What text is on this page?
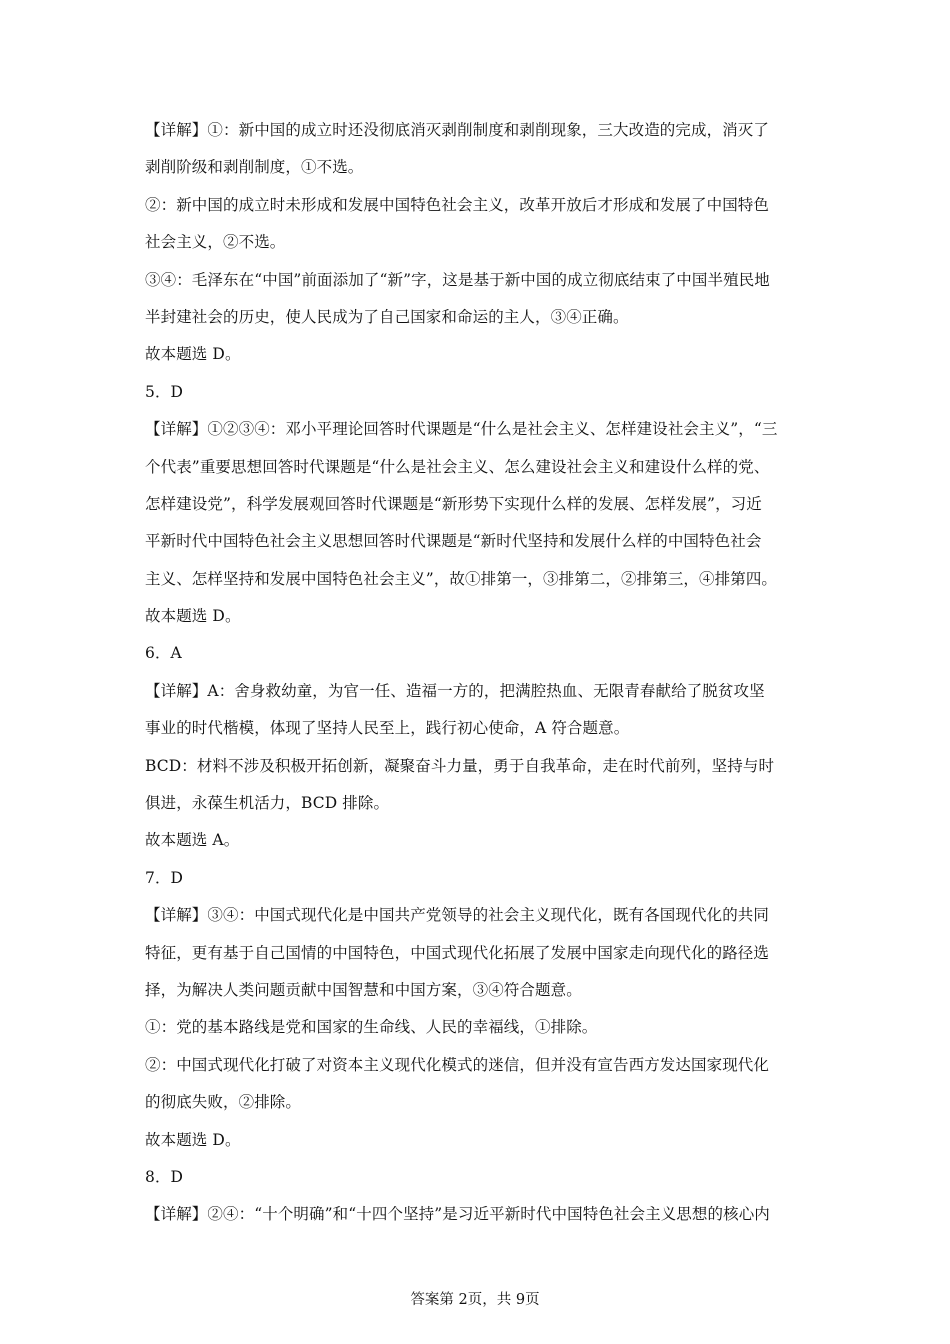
【详解】①：新中国的成立时还没彻底消灭剥削制度和剥削现象，三大改造的完成，消灭了
剥削阶级和剥削制度，①不选。
②：新中国的成立时未形成和发展中国特色社会主义，改革开放后才形成和发展了中国特色
社会主义，②不选。
③④：毛泽东在“中国”前面添加了“新”字，这是基于新中国的成立彻底结束了中国半殖民地
半封建社会的历史，使人民成为了自己国家和命运的主人，③④正确。
故本题选 D。
5．D
【详解】①②③④：邓小平理论回答时代课题是“什么是社会主义、怎样建设社会主义”，“三
个代表”重要思想回答时代课题是“什么是社会主义、怎么建设社会主义和建设什么样的党、
怎样建设党”，科学发展观回答时代课题是“新形势下实现什么样的发展、怎样发展”，习近
平新时代中国特色社会主义思想回答时代课题是“新时代坚持和发展什么样的中国特色社会
主义、怎样坚持和发展中国特色社会主义”，故①排第一，③排第二，②排第三，④排第四。
故本题选 D。
6．A
【详解】A：舍身救幼童，为官一任、造福一方的，把满腔热血、无限青春献给了脱贫攻坚
事业的时代楷模，体现了坚持人民至上，践行初心使命，A 符合题意。
BCD：材料不涉及积极开拓创新，凝聚奋斗力量，勇于自我革命，走在时代前列，坚持与时
俱进，永葆生机活力，BCD 排除。
故本题选 A。
7．D
【详解】③④：中国式现代化是中国共产党领导的社会主义现代化，既有各国现代化的共同
特征，更有基于自己国情的中国特色，中国式现代化拓展了发展中国家走向现代化的路径选
择，为解决人类问题贡献中国智慧和中国方案，③④符合题意。
①：党的基本路线是党和国家的生命线、人民的幸福线，①排除。
②：中国式现代化打破了对资本主义现代化模式的迷信，但并没有宣告西方发达国家现代化
的彻底失败，②排除。
故本题选 D。
8．D
【详解】②④：“十个明确”和“十四个坚持”是习近平新时代中国特色社会主义思想的核心内
答案第 2页，共 9页
